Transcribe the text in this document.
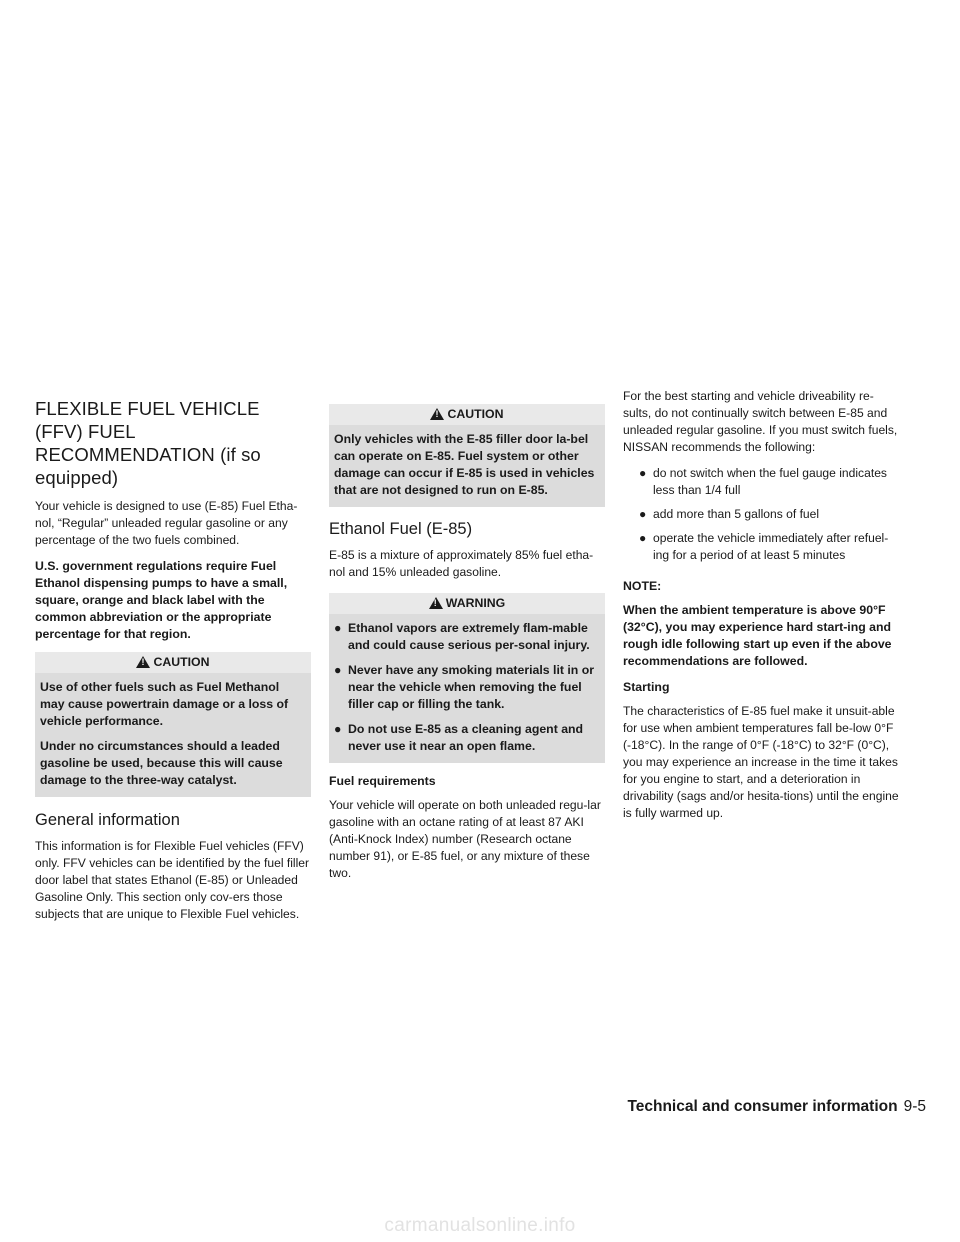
FLEXIBLE FUEL VEHICLE (FFV) FUEL
RECOMMENDATION (if so equipped)

Your vehicle is designed to use (E-85) Fuel Etha-nol, “Regular” unleaded regular gasoline or any percentage of the two fuels combined.

U.S. government regulations require Fuel Ethanol dispensing pumps to have a small, square, orange and black label with the common abbreviation or the appropriate percentage for that region.

!CAUTION

Use of other fuels such as Fuel Methanol may cause powertrain damage or a loss of vehicle performance.

Under no circumstances should a leaded gasoline be used, because this will cause damage to the three-way catalyst.

General information

This information is for Flexible Fuel vehicles (FFV) only. FFV vehicles can be identified by the fuel filler door label that states Ethanol (E-85) or Unleaded Gasoline Only. This section only cov-ers those subjects that are unique to Flexible Fuel vehicles.

!CAUTION

Only vehicles with the E-85 filler door la-bel can operate on E-85. Fuel system or other damage can occur if E-85 is used in vehicles that are not designed to run on E-85.

Ethanol Fuel (E-85)

E-85 is a mixture of approximately 85% fuel etha-nol and 15% unleaded gasoline.

!WARNING
● Ethanol vapors are extremely flam-mable and could cause serious per-sonal injury.
● Never have any smoking materials lit in or near the vehicle when removing the fuel filler cap or filling the tank.
● Do not use E-85 as a cleaning agent and never use it near an open flame.
Fuel requirements

Your vehicle will operate on both unleaded regu-lar gasoline with an octane rating of at least 87 AKI (Anti-Knock Index) number (Research octane number 91), or E-85 fuel, or any mixture of these two.

For the best starting and vehicle driveability re-sults, do not continually switch between E-85 and unleaded regular gasoline. If you must switch fuels, NISSAN recommends the following:

● do not switch when the fuel gauge indicates less than 1/4 full
● add more than 5 gallons of fuel
● operate the vehicle immediately after refuel-ing for a period of at least 5 minutes
NOTE:

When the ambient temperature is above 90°F (32°C), you may experience hard start-ing and rough idle following start up even if the above recommendations are followed.

Starting

The characteristics of E-85 fuel make it unsuit-able for use when ambient temperatures fall be-low 0°F (-18°C). In the range of 0°F (-18°C) to 32°F (0°C), you may experience an increase in the time it takes for you engine to start, and a deterioration in drivability (sags and/or hesita-tions) until the engine is fully warmed up.

Technical and consumer information 9-5
carmanualsonline.info
